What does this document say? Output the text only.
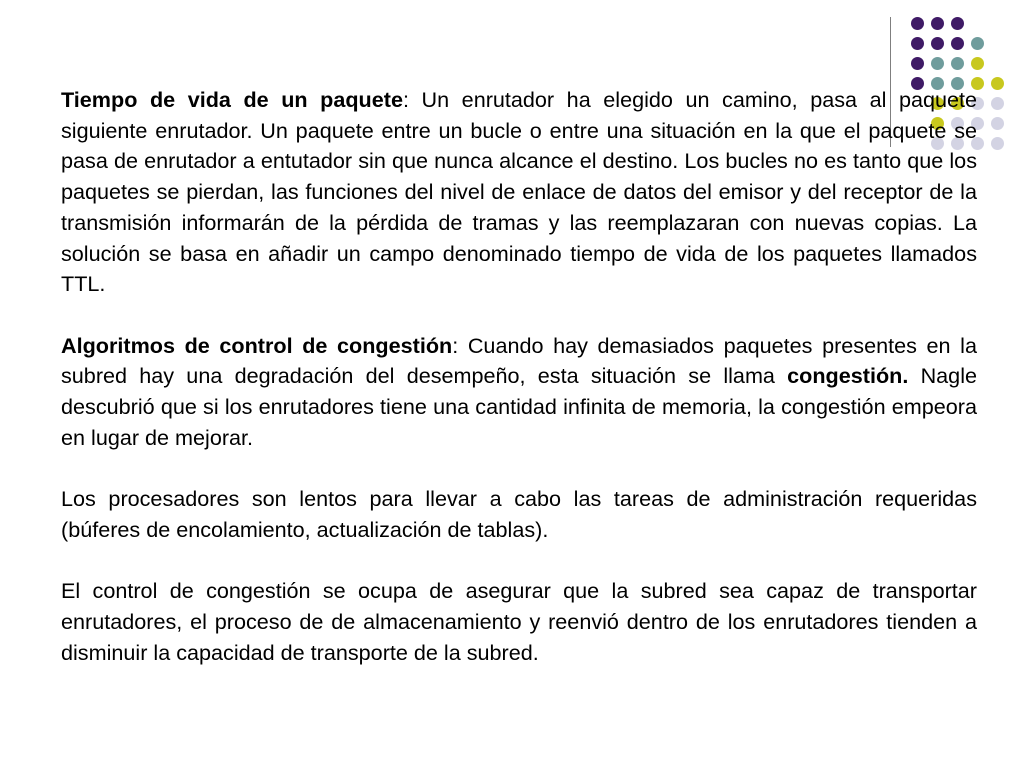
Tiempo de vida de un paquete: Un enrutador ha elegido un camino, pasa al paquete siguiente enrutador. Un paquete entre un bucle o entre una situación en la que el paquete se pasa de enrutador a entutador sin que nunca alcance el destino. Los bucles no es tanto que los paquetes se pierdan, las funciones del nivel de enlace de datos del emisor y del receptor de la transmisión informarán de la pérdida de tramas y las reemplazaran con nuevas copias. La solución se basa en añadir un campo denominado tiempo de vida de los paquetes llamados TTL.

Algoritmos de control de congestión: Cuando hay demasiados paquetes presentes en la subred hay una degradación del desempeño, esta situación se llama congestión. Nagle descubrió que si los enrutadores tiene una cantidad infinita de memoria, la congestión empeora en lugar de mejorar.

Los procesadores son lentos para llevar a cabo las tareas de administración requeridas (búferes de encolamiento, actualización de tablas).

El control de congestión se ocupa de asegurar que la subred sea capaz de transportar enrutadores, el proceso de de almacenamiento y reenvió dentro de los enrutadores tienden a disminuir la capacidad de transporte de la subred.
